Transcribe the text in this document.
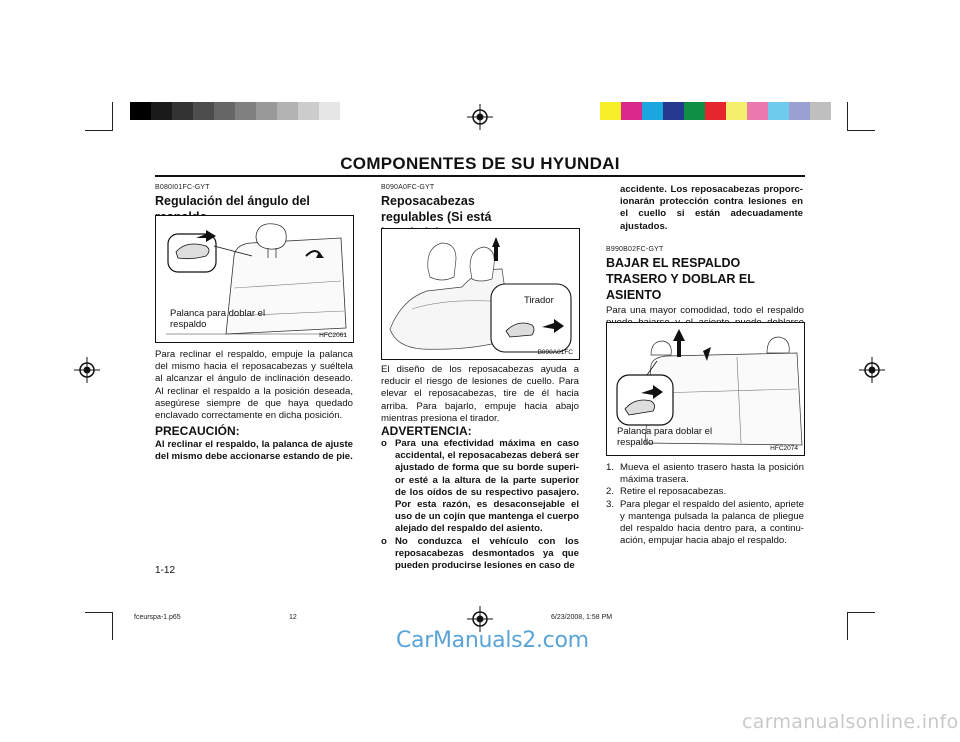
COMPONENTES DE SU HYUNDAI
B080I01FC-GYT
Regulación del ángulo del
Palanca para doblar el respaldo
HFC2061
Para reclinar el respaldo, empuje la palanca del mismo hacia el reposacabezas y suéltela al alcanzar el ángulo de inclinación deseado. Al reclinar el respaldo a la posición deseada, asegúrese siempre de que haya quedado enclavado correctamente en dicha posición.
PRECAUCIÓN:
Al reclinar el respaldo, la palanca de ajuste del mismo debe accionarse estando de pie.
B090A0FC-GYT
Reposacabezas regulables (Si está
Tirador
B090A01FC
El diseño de los reposacabezas ayuda a reducir el riesgo de lesiones de cuello. Para elevar el reposacabezas, tire de él hacia arriba. Para bajarlo, empuje hacia abajo mientras presiona el tirador.
ADVERTENCIA:
o Para una efectividad máxima en caso accidental, el reposacabezas deberá ser ajustado de forma que su borde superi- or esté a la altura de la parte superior de los oídos de su respectivo pasajero. Por esta razón, es desaconsejable el uso de un cojín que mantenga el cuerpo alejado del respaldo del asiento.
o No conduzca el vehículo con los reposacabezas desmontados ya que pueden producirse lesiones en caso de
accidente. Los reposacabezas proporc- ionarán protección contra lesiones en el cuello si están adecuadamente ajustados.
B990B02FC-GYT
BAJAR EL RESPALDO TRASERO Y DOBLAR EL ASIENTO
Para una mayor comodidad, todo el respaldo
Palanca para doblar el respaldo
HFC2074
1. Mueva el asiento trasero hasta la posición máxima trasera.
2. Retire el reposacabezas.
3. Para plegar el respaldo del asiento, apriete y mantenga pulsada la palanca de pliegue del respaldo hacia dentro para, a continu- ación, empujar hacia abajo el respaldo.
1-12
fceurspa-1.p65	12	6/23/2008, 1:58 PM
CarManuals2.com
carmanualsonline.info
